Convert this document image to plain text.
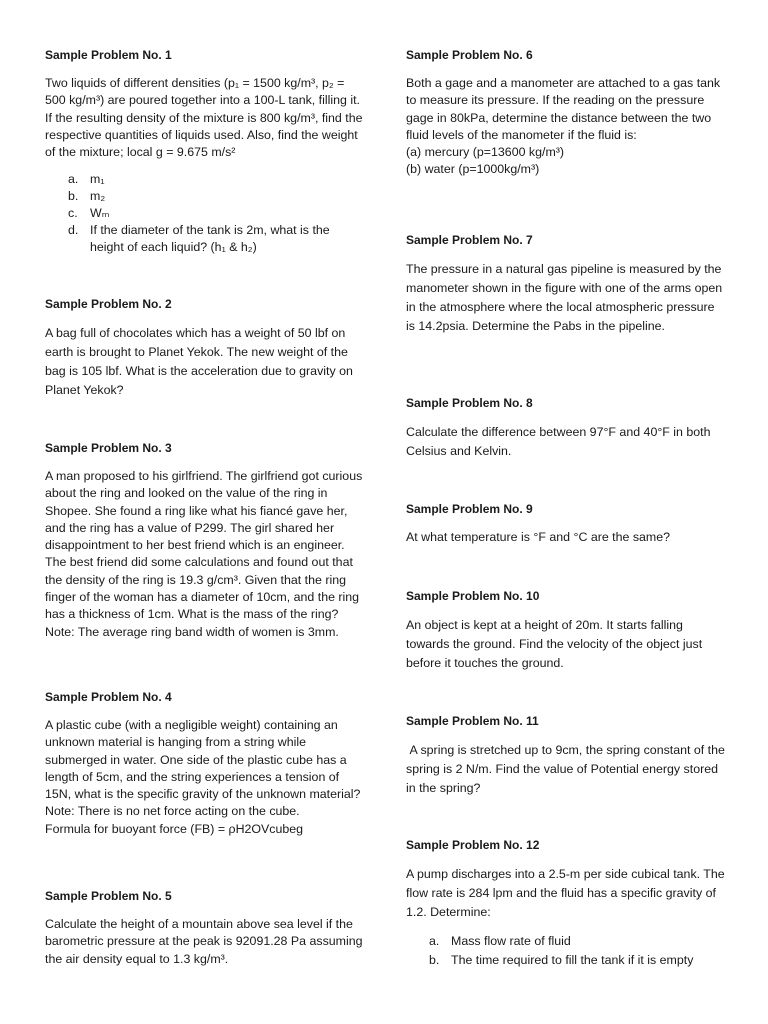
Sample Problem No. 1

Two liquids of different densities (p₁ = 1500 kg/m³, p₂ = 500 kg/m³) are poured together into a 100-L tank, filling it. If the resulting density of the mixture is 800 kg/m³, find the respective quantities of liquids used. Also, find the weight of the mixture; local g = 9.675 m/s²

a. m₁
b. m₂
c. Wₘ
d. If the diameter of the tank is 2m, what is the height of each liquid? (h₁ & h₂)

Sample Problem No. 2

A bag full of chocolates which has a weight of 50 lbf on earth is brought to Planet Yekok. The new weight of the bag is 105 lbf. What is the acceleration due to gravity on Planet Yekok?

Sample Problem No. 3

A man proposed to his girlfriend. The girlfriend got curious about the ring and looked on the value of the ring in Shopee. She found a ring like what his fiancé gave her, and the ring has a value of P299. The girl shared her disappointment to her best friend which is an engineer. The best friend did some calculations and found out that the density of the ring is 19.3 g/cm³. Given that the ring finger of the woman has a diameter of 10cm, and the ring has a thickness of 1cm. What is the mass of the ring?

Note: The average ring band width of women is 3mm.

Sample Problem No. 4

A plastic cube (with a negligible weight) containing an unknown material is hanging from a string while submerged in water. One side of the plastic cube has a length of 5cm, and the string experiences a tension of 15N, what is the specific gravity of the unknown material?

Note: There is no net force acting on the cube.

Formula for buoyant force (FB) = ρH2OVcubeg

Sample Problem No. 5

Calculate the height of a mountain above sea level if the barometric pressure at the peak is 92091.28 Pa assuming the air density equal to 1.3 kg/m³.

Sample Problem No. 6

Both a gage and a manometer are attached to a gas tank to measure its pressure. If the reading on the pressure gage in 80kPa, determine the distance between the two fluid levels of the manometer if the fluid is:

(a) mercury (p=13600 kg/m³)

(b) water (p=1000kg/m³)

Sample Problem No. 7

The pressure in a natural gas pipeline is measured by the manometer shown in the figure with one of the arms open in the atmosphere where the local atmospheric pressure is 14.2psia. Determine the Pabs in the pipeline.

Sample Problem No. 8

Calculate the difference between 97°F and 40°F in both Celsius and Kelvin.

Sample Problem No. 9

At what temperature is °F and °C are the same?

Sample Problem No. 10

An object is kept at a height of 20m. It starts falling towards the ground. Find the velocity of the object just before it touches the ground.

Sample Problem No. 11

A spring is stretched up to 9cm, the spring constant of the spring is 2 N/m. Find the value of Potential energy stored in the spring?

Sample Problem No. 12

A pump discharges into a 2.5-m per side cubical tank. The flow rate is 284 lpm and the fluid has a specific gravity of 1.2. Determine:

a. Mass flow rate of fluid
b. The time required to fill the tank if it is empty
